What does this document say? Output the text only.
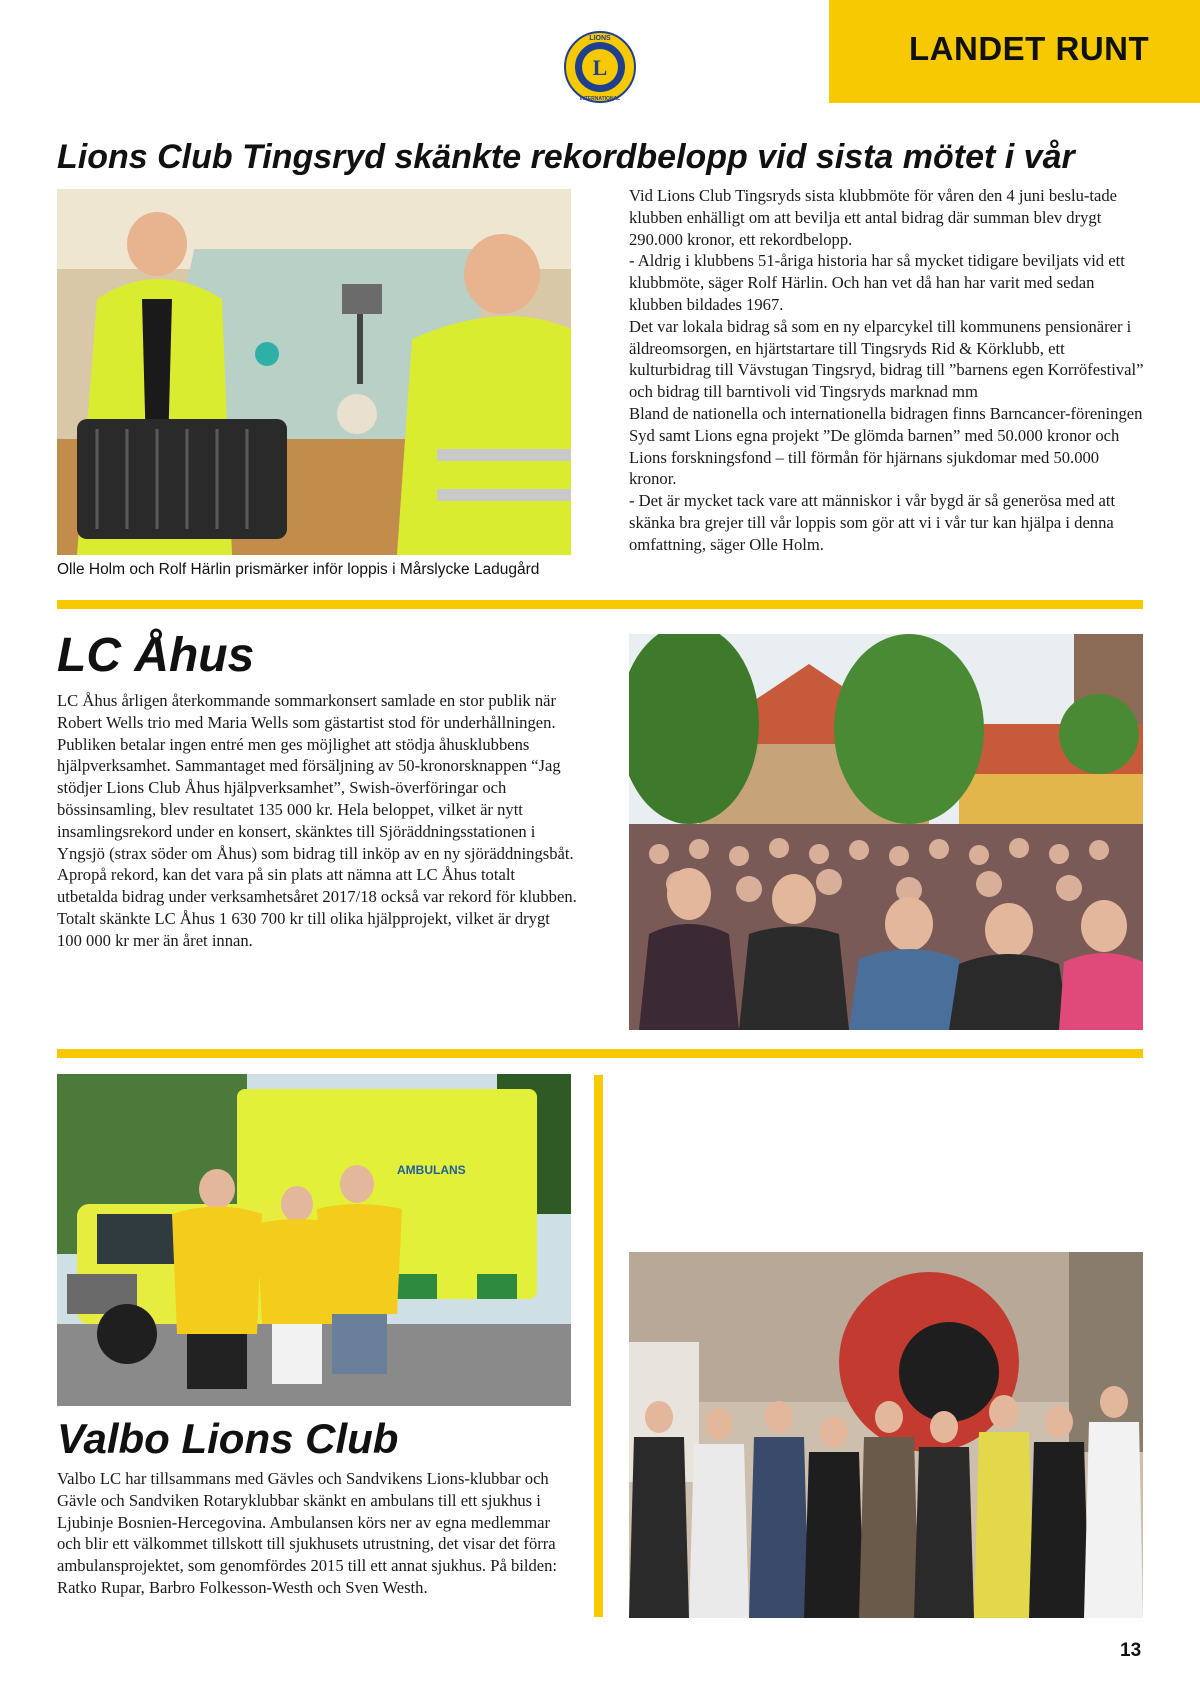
LANDET RUNT
L
LIONS
INTERNATIONAL
Lions Club Tingsryd skänkte rekordbelopp vid sista mötet i vår
Olle Holm och Rolf Härlin prismärker inför loppis i Mårslycke Ladugård

Vid Lions Club Tingsryds sista klubbmöte för våren den 4 juni beslu-tade klubben enhälligt om att bevilja ett antal bidrag där summan blev drygt 290.000 kronor, ett rekordbelopp.

- Aldrig i klubbens 51-åriga historia har så mycket tidigare beviljats vid ett klubbmöte, säger Rolf Härlin. Och han vet då han har varit med sedan klubben bildades 1967.

Det var lokala bidrag så som en ny elparcykel till kommunens pensionärer i äldreomsorgen, en hjärtstartare till Tingsryds Rid & Körklubb, ett kulturbidrag till Vävstugan Tingsryd, bidrag till ”barnens egen Korröfestival” och bidrag till barntivoli vid Tingsryds marknad mm

Bland de nationella och internationella bidragen finns Barncancer-föreningen Syd samt Lions egna projekt ”De glömda barnen” med 50.000 kronor och Lions forskningsfond – till förmån för hjärnans sjukdomar med 50.000 kronor.

- Det är mycket tack vare att människor i vår bygd är så generösa med att skänka bra grejer till vår loppis som gör att vi i vår tur kan hjälpa i denna omfattning, säger Olle Holm.

LC Åhus

LC Åhus årligen återkommande sommarkonsert samlade en stor publik när Robert Wells trio med Maria Wells som gästartist stod för underhållningen. Publiken betalar ingen entré men ges möjlighet att stödja åhusklubbens hjälpverksamhet. Sammantaget med försäljning av 50-kronorsknappen “Jag stödjer Lions Club Åhus hjälpverksamhet”, Swish-överföringar och bössinsamling, blev resultatet 135 000 kr. Hela beloppet, vilket är nytt insamlingsrekord under en konsert, skänktes till Sjöräddningsstationen i Yngsjö (strax söder om Åhus) som bidrag till inköp av en ny sjöräddningsbåt.

Apropå rekord, kan det vara på sin plats att nämna att LC Åhus totalt utbetalda bidrag under verksamhetsåret 2017/18 också var rekord för klubben. Totalt skänkte LC Åhus 1 630 700 kr till olika hjälpprojekt, vilket är drygt 100 000 kr mer än året innan.

AMBULANS
Valbo Lions Club

Valbo LC har tillsammans med Gävles och Sandvikens Lions-klubbar och Gävle och Sandviken Rotaryklubbar skänkt en ambulans till ett sjukhus i Ljubinje Bosnien-Hercegovina. Ambulansen körs ner av egna medlemmar och blir ett välkommet tillskott till sjukhusets utrustning, det visar det förra ambulansprojektet, som genomfördes 2015 till ett annat sjukhus. På bilden: Ratko Rupar, Barbro Folkesson-Westh och Sven Westh.

13
